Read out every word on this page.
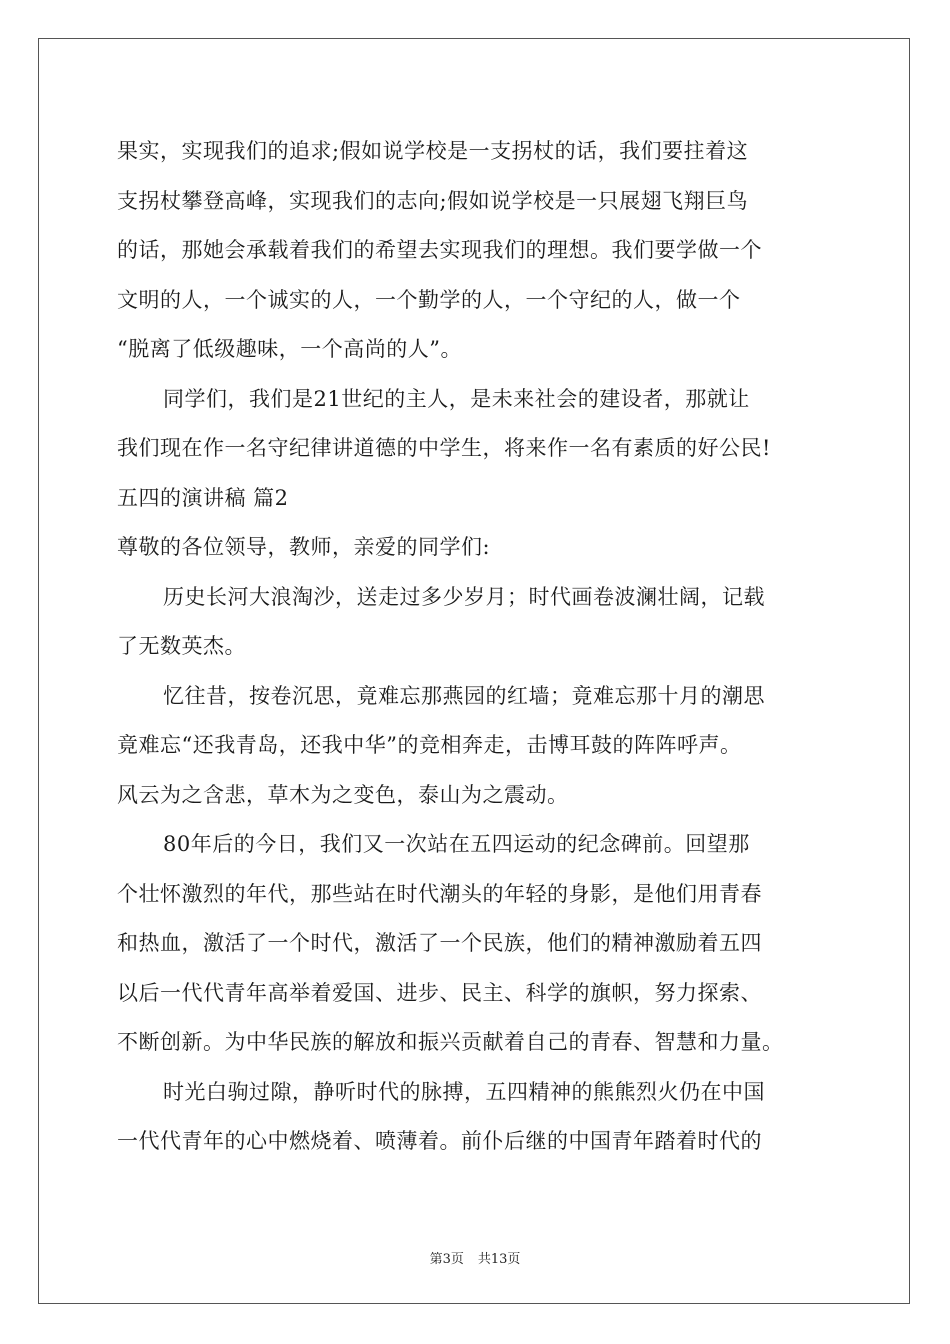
果实，实现我们的追求;假如说学校是一支拐杖的话，我们要拄着这
支拐杖攀登高峰，实现我们的志向;假如说学校是一只展翅飞翔巨鸟
的话，那她会承载着我们的希望去实现我们的理想。我们要学做一个
文明的人，一个诚实的人，一个勤学的人，一个守纪的人，做一个
“脱离了低级趣味，一个高尚的人”。
同学们，我们是21世纪的主人，是未来社会的建设者，那就让
我们现在作一名守纪律讲道德的中学生，将来作一名有素质的好公民!
五四的演讲稿 篇2
尊敬的各位领导，教师，亲爱的同学们:
历史长河大浪淘沙，送走过多少岁月；时代画卷波澜壮阔，记载
了无数英杰。
忆往昔，按卷沉思，竟难忘那燕园的红墙；竟难忘那十月的潮思
竟难忘“还我青岛，还我中华”的竞相奔走，击博耳鼓的阵阵呼声。
风云为之含悲，草木为之变色，泰山为之震动。
80年后的今日，我们又一次站在五四运动的纪念碑前。回望那
个壮怀激烈的年代，那些站在时代潮头的年轻的身影，是他们用青春
和热血，激活了一个时代，激活了一个民族，他们的精神激励着五四
以后一代代青年高举着爱国、进步、民主、科学的旗帜，努力探索、
不断创新。为中华民族的解放和振兴贡献着自己的青春、智慧和力量。
时光白驹过隙，静听时代的脉搏，五四精神的熊熊烈火仍在中国
一代代青年的心中燃烧着、喷薄着。前仆后继的中国青年踏着时代的
第3页 共13页
